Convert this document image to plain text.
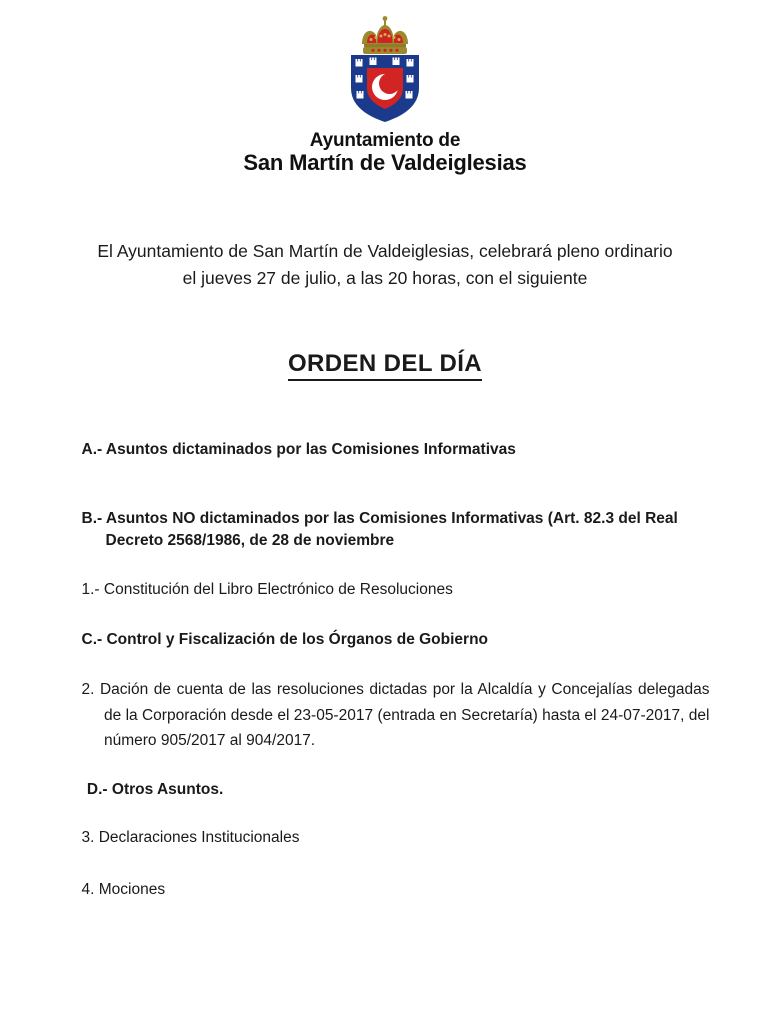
Ayuntamiento de
San Martín de Valdeiglesias
El Ayuntamiento de San Martín de Valdeiglesias, celebrará pleno ordinario
el jueves 27 de julio, a las 20 horas, con el siguiente
ORDEN DEL DÍA
A.- Asuntos dictaminados por las Comisiones Informativas
B.- Asuntos NO dictaminados por las Comisiones Informativas (Art. 82.3 del Real Decreto 2568/1986, de 28 de noviembre
1.- Constitución del Libro Electrónico de Resoluciones
C.- Control y Fiscalización de los Órganos de Gobierno
2. Dación de cuenta de las resoluciones dictadas por la Alcaldía y Concejalías delegadas de la Corporación desde el 23-05-2017 (entrada en Secretaría) hasta el 24-07-2017, del número 905/2017 al 904/2017.
D.- Otros Asuntos.
3. Declaraciones Institucionales
4. Mociones
